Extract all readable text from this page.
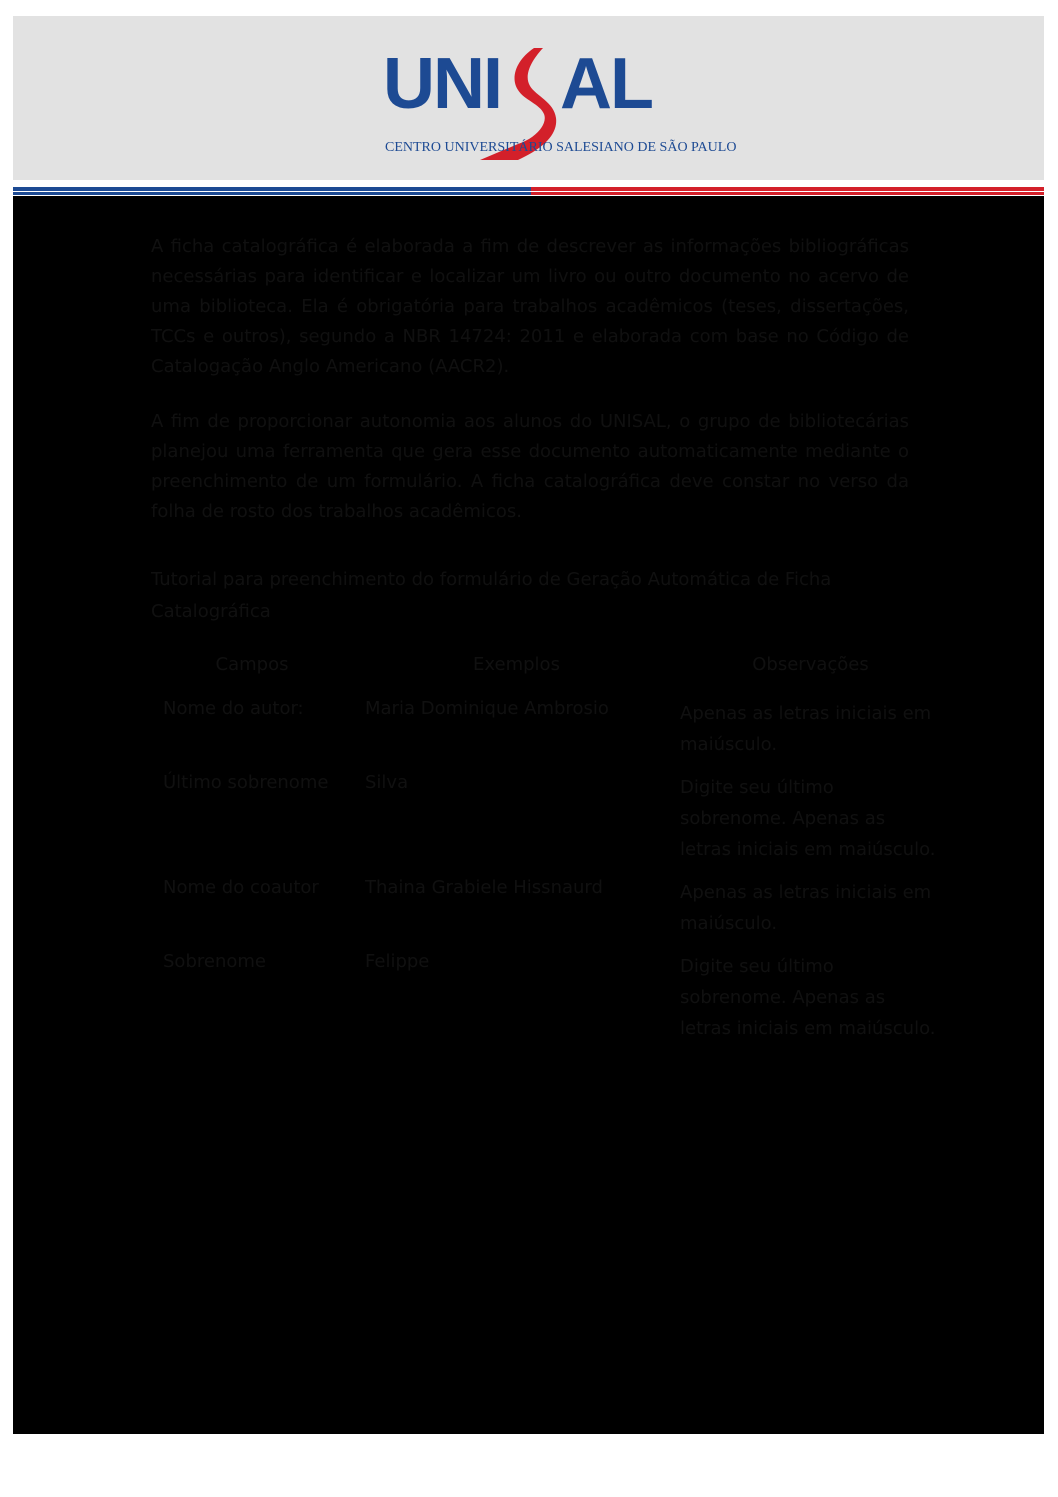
UNI AL
CENTRO UNIVERSITÁRIO SALESIANO DE SÃO PAULO

A ficha catalográfica é elaborada a fim de descrever as informações bibliográficas necessárias para identificar e localizar um livro ou outro documento no acervo de uma biblioteca. Ela é obrigatória para trabalhos acadêmicos (teses, dissertações, TCCs e outros), segundo a NBR 14724: 2011 e elaborada com base no Código de Catalogação Anglo Americano (AACR2).

A fim de proporcionar autonomia aos alunos do UNISAL, o grupo de bibliotecárias planejou uma ferramenta que gera esse documento automaticamente mediante o preenchimento de um formulário. A ficha catalográfica deve constar no verso da folha de rosto dos trabalhos acadêmicos.

Tutorial para preenchimento do formulário de Geração Automática de Ficha Catalográfica

Campos	Exemplos	Observações
Nome do autor:	Maria Dominique Ambrosio	Apenas as letras iniciais em maiúsculo.
Último sobrenome	Silva	Digite seu último sobrenome. Apenas as letras iniciais em maiúsculo.
Nome do coautor	Thaina Grabiele Hissnaurd	Apenas as letras iniciais em maiúsculo.
Sobrenome	Felippe	Digite seu último sobrenome. Apenas as letras iniciais em maiúsculo.
